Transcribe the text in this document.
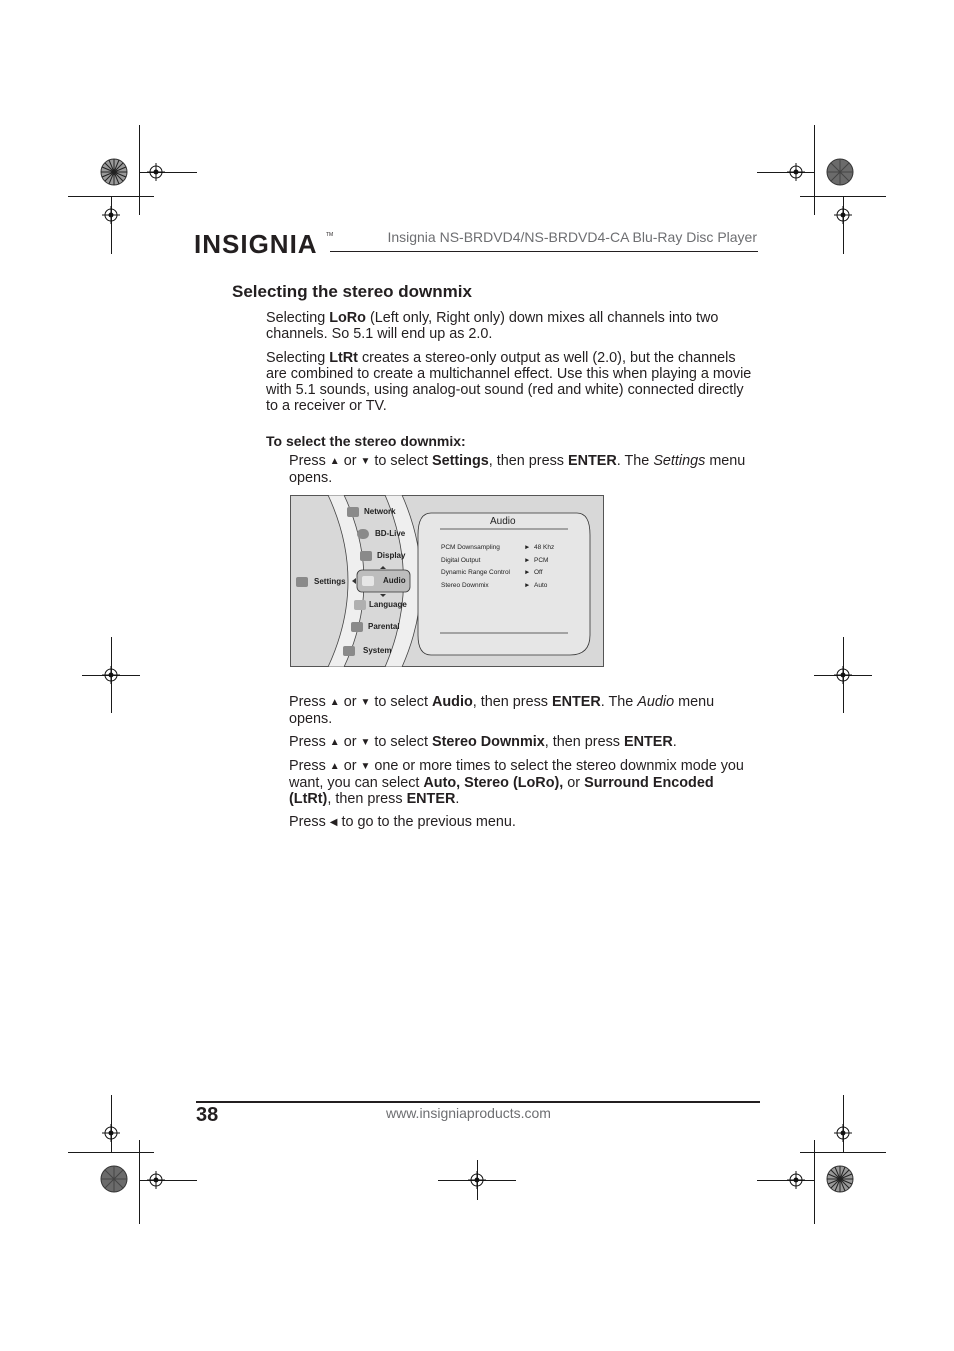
INSIGNIA TM	Insignia NS-BRDVD4/NS-BRDVD4-CA Blu-Ray Disc Player
Selecting the stereo downmix

Selecting LoRo (Left only, Right only) down mixes all channels into two channels. So 5.1 will end up as 2.0.

Selecting LtRt creates a stereo-only output as well (2.0), but the channels are combined to create a multichannel effect. Use this when playing a movie with 5.1 sounds, using analog-out sound (red and white) connected directly to a receiver or TV.

To select the stereo downmix:

Press ▲ or ▼ to select Settings, then press ENTER. The Settings menu opens.

Settings
Network
BD-Live
Display
Audio
Language
Parental
System
Audio
PCM Downsampling	► 48 Khz
Digital Output	► PCM
Dynamic Range Control ► Off
Stereo Downmix	► Auto

Press ▲ or ▼ to select Audio, then press ENTER. The Audio menu opens.

Press ▲ or ▼ to select Stereo Downmix, then press ENTER.

Press ▲ or ▼ one or more times to select the stereo downmix mode you want, you can select Auto, Stereo (LoRo), or Surround Encoded (LtRt), then press ENTER.

Press ◀ to go to the previous menu.

38	www.insigniaproducts.com
